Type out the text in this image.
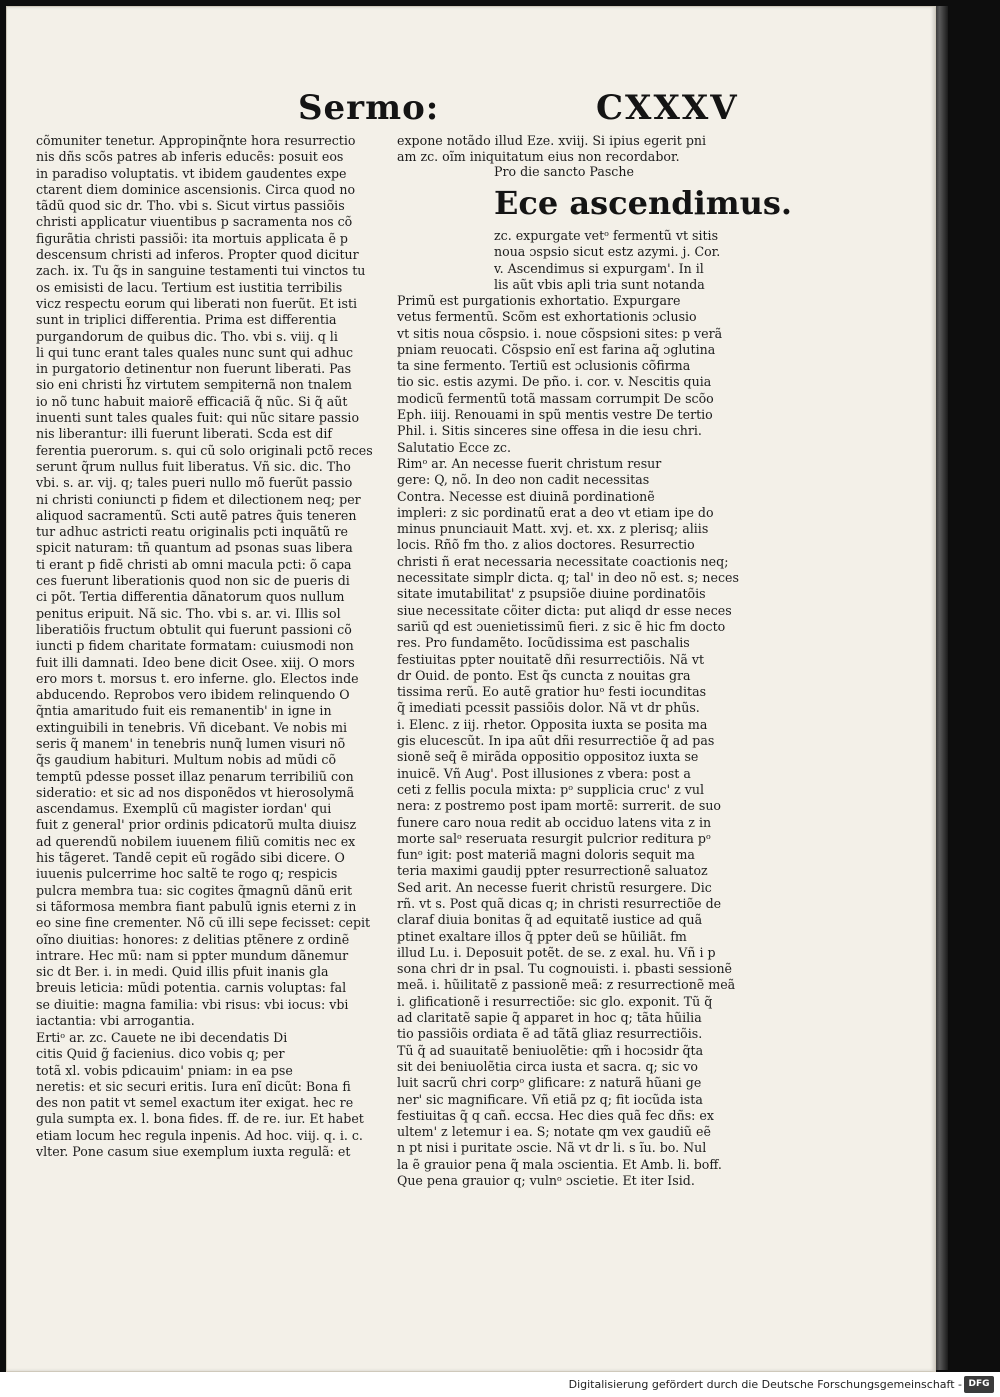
Sermo:	CXXXV
cõmuniter tenetur. Appropinq̃nte hora resurrectio
nis dñs scõs patres ab inferis educẽs: posuit eos
in paradiso voluptatis. vt ibidem gaudentes expe
ctarent diem dominice ascensionis. Circa quod no
tãdũ quod sic dr. Tho. vbi s. Sicut virtus passiõis
christi applicatur viuentibus p sacramenta nos cõ
figurãtia christi passiõi: ita mortuis applicata ẽ p
descensum christi ad inferos. Propter quod dicitur
zach. ix. Tu q̃s in sanguine testamenti tui vinctos tu
os emisisti de lacu. Tertium est iustitia terribilis
vicz respectu eorum qui liberati non fuerũt. Et isti
sunt in triplici differentia. Prima est differentia
purgandorum de quibus dic. Tho. vbi s. viij. q li
li qui tunc erant tales quales nunc sunt qui adhuc
in purgatorio detinentur non fuerunt liberati. Pas
sio eni christi h̃z virtutem sempiternã non tnalem
io nõ tunc habuit maiorẽ efficaciã q̃ nũc. Si q̃ aũt
inuenti sunt tales quales fuit: qui nũc sitare passio
nis liberantur: illi fuerunt liberati. Scda est dif
ferentia puerorum. s. qui cũ solo originali pctõ reces
serunt q̃rum nullus fuit liberatus. Vñ sic. dic. Tho
vbi. s. ar. vij. q; tales pueri nullo mõ fuerũt passio
ni christi coniuncti p fidem et dilectionem neq; per
aliquod sacramentũ. Scti autẽ patres q̃uis teneren
tur adhuc astricti reatu originalis pcti inquãtũ re
spicit naturam: tñ quantum ad psonas suas libera
ti erant p fidẽ christi ab omni macula pcti: õ capa
ces fuerunt liberationis quod non sic de pueris di
ci põt. Tertia differentia dãnatorum quos nullum
penitus eripuit. Nã sic. Tho. vbi s. ar. vi. Illis sol
liberatiõis fructum obtulit qui fuerunt passioni cõ
iuncti p fidem charitate formatam: cuiusmodi non
fuit illi damnati. Ideo bene dicit Osee. xiij. O mors
ero mors t. morsus t. ero inferne. glo. Electos inde
abducendo. Reprobos vero ibidem relinquendo O
q̃ntia amaritudo fuit eis remanentib' in igne in
extinguibili in tenebris. Vñ dicebant. Ve nobis mi
seris q̃ manem' in tenebris nunq̃ lumen visuri nõ
q̃s gaudium habituri. Multum nobis ad mũdi cõ
temptũ pdesse posset illaz penarum terribiliũ con
sideratio: et sic ad nos disponẽdos vt hierosolymã
ascendamus. Exemplũ cũ magister iordan' qui
fuit z general' prior ordinis pdicatorũ multa diuisz
ad querendũ nobilem iuuenem filiũ comitis nec ex
his tãgeret. Tandẽ cepit eũ rogãdo sibi dicere. O
iuuenis pulcerrime hoc saltẽ te rogo q; respicis
pulcra membra tua: sic cogites q̃magnũ dãnũ erit
si tãformosa membra fiant pabulũ ignis eterni z in
eo sine fine crementer. Nõ cũ illi sepe fecisset: cepit
oĩno diuitias: honores: z delitias ptẽnere z ordinẽ
intrare. Hec mũ: nam si ppter mundum dãnemur
sic dt Ber. i. in medi. Quid illis pfuit inanis gla
breuis leticia: mũdi potentia. carnis voluptas: fal
se diuitie: magna familia: vbi risus: vbi iocus: vbi
iactantia: vbi arrogantia.
Ertiᵒ ar. zc. Cauete ne ibi decendatis Di
citis Quid g̃ facienius. dico vobis q; per
totã xl. vobis pdicauim' pniam: in ea pse
neretis: et sic securi eritis. Iura enĩ dicũt: Bona fi
des non patit vt semel exactum iter exigat. hec re
gula sumpta ex. l. bona fides. ff. de re. iur. Et habet
etiam locum hec regula inpenis. Ad hoc. viij. q. i. c.
vlter. Pone casum siue exemplum iuxta regulã: et
expone notãdo illud Eze. xviij. Si ipius egerit pni
am zc. oĩm iniquitatum eius non recordabor.
Pro die sancto Pasche
Ece ascendimus.
zc. expurgate vetᵒ fermentũ vt sitis
noua ɔspsio sicut estz azymi. j. Cor.
v. Ascendimus si expurgam'. In il
lis aũt vbis apli tria sunt notanda
Primũ est purgationis exhortatio. Expurgare
vetus fermentũ. Scõm est exhortationis ɔclusio
vt sitis noua cõspsio. i. noue cõspsioni sites: p verã
pniam reuocati. Cõspsio enĩ est farina aq̃ ɔglutina
ta sine fermento. Tertiũ est ɔclusionis cõfirma
tio sic. estis azymi. De pño. i. cor. v. Nescitis quia
modicũ fermentũ totã massam corrumpit De scõo
Eph. iiij. Renouami in spũ mentis vestre De tertio
Phil. i. Sitis sinceres sine offesa in die iesu chri.
Salutatio Ecce zc.
Rimᵒ ar. An necesse fuerit christum resur
gere: Q, nõ. In deo non cadit necessitas
Contra. Necesse est diuinã pordinationẽ
impleri: z sic pordinatũ erat a deo vt etiam ipe do
minus pnunciauit Matt. xvj. et. xx. z plerisq; aliis
locis. Rñõ fm tho. z alios doctores. Resurrectio
christi ñ erat necessaria necessitate coactionis neq;
necessitate simplr dicta. q; tal' in deo nõ est. s; neces
sitate imutabilitat' z psupsiõe diuine pordinatõis
siue necessitate cõiter dicta: put aliqd dr esse neces
sariũ qd est ɔuenietissimũ fieri. z sic ẽ hic fm docto
res. Pro fundamẽto. Iocũdissima est paschalis
festiuitas ppter nouitatẽ dñi resurrectiõis. Nã vt
dr Ouid. de ponto. Est q̃s cuncta z nouitas gra
tissima rerũ. Eo autẽ gratior huᵒ festi iocunditas
q̃ imediati pcessit passiõis dolor. Nã vt dr phũs.
i. Elenc. z iij. rhetor. Opposita iuxta se posita ma
gis elucescũt. In ipa aũt dñi resurrectiõe q̃ ad pas
sionẽ seq̃ ẽ mirãda oppositio oppositoz iuxta se
inuicẽ. Vñ Aug'. Post illusiones z vbera: post a
ceti z fellis pocula mixta: pᵒ supplicia cruc' z vul
nera: z postremo post ipam mortẽ: surrerit. de suo
funere caro noua redit ab occiduo latens vita z in
morte salᵒ reseruata resurgit pulcrior reditura pᵒ
funᵒ igit: post materiã magni doloris sequit ma
teria maximi gaudij ppter resurrectionẽ saluatoz
Sed arit. An necesse fuerit christũ resurgere. Dic
rñ. vt s. Post quã dicas q; in christi resurrectiõe de
claraf diuia bonitas q̃ ad equitatẽ iustice ad quã
ptinet exaltare illos q̃ ppter deũ se hũiliãt. fm
illud Lu. i. Deposuit potẽt. de se. z exal. hu. Vñ i p
sona chri dr in psal. Tu cognouisti. i. pbasti sessionẽ
meã. i. hũilitatẽ z passionẽ meã: z resurrectionẽ meã
i. glificationẽ i resurrectiõe: sic glo. exponit. Tũ q̃
ad claritatẽ sapie q̃ apparet in hoc q; tãta hũilia
tio passiõis ordiata ẽ ad tãtã gliaz resurrectiõis.
Tũ q̃ ad suauitatẽ beniuolẽtie: qm̃ i hocɔsidr q̃ta
sit dei beniuolẽtia circa iusta et sacra. q; sic vo
luit sacrũ chri corpᵒ glificare: z naturã hũani ge
ner' sic magnificare. Vñ etiã pz q; fit iocũda ista
festiuitas q̃ q cañ. eccsa. Hec dies quã fec dñs: ex
ultem' z letemur i ea. S; notate qm vex gaudiũ eẽ
n pt nisi i puritate ɔscie. Nã vt dr li. s ĩu. bo. Nul
la ẽ grauior pena q̃ mala ɔscientia. Et Amb. li. boff.
Que pena grauior q; vulnᵒ ɔscietie. Et iter Isid.
Digitalisierung gefördert durch die Deutsche Forschungsgemeinschaft - DFG
